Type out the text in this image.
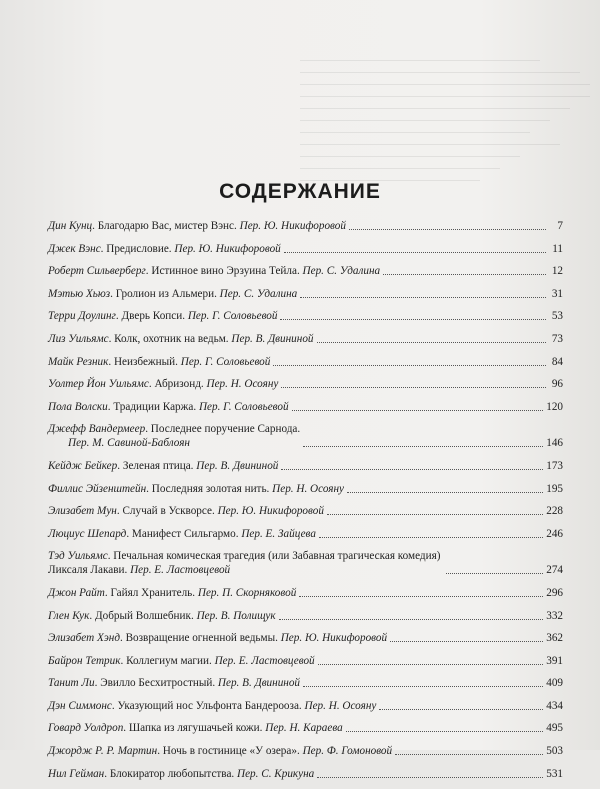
СОДЕРЖАНИЕ
Дин Кунц. Благодарю Вас, мистер Вэнс. Пер. Ю. Никифоровой	7
Джек Вэнс. Предисловие. Пер. Ю. Никифоровой	11
Роберт Сильверберг. Истинное вино Эрзуина Тейла. Пер. С. Удалина	12
Мэтью Хьюз. Гролион из Альмери. Пер. С. Удалина	31
Терри Доулинг. Дверь Копси. Пер. Г. Соловьевой	53
Лиз Уильямс. Колк, охотник на ведьм. Пер. В. Двининой	73
Майк Резник. Неизбежный. Пер. Г. Соловьевой	84
Уолтер Йон Уильямс. Абризонд. Пер. Н. Осояну	96
Пола Волски. Традиции Каржа. Пер. Г. Соловьевой	120
Джефф Вандермеер. Последнее поручение Сарнода.
Пер. М. Савиной-Баблоян	146
Кейдж Бейкер. Зеленая птица. Пер. В. Двининой	173
Филлис Эйзенштейн. Последняя золотая нить. Пер. Н. Осояну	195
Элизабет Мун. Случай в Ускворсе. Пер. Ю. Никифоровой	228
Люциус Шепард. Манифест Сильгармо. Пер. Е. Зайцева	246
Тэд Уильямс. Печальная комическая трагедия (или Забавная трагическая комедия) Ликсаля Лакави. Пер. Е. Ластовцевой	274
Джон Райт. Гайял Хранитель. Пер. П. Скорняковой	296
Глен Кук. Добрый Волшебник. Пер. В. Полищук	332
Элизабет Хэнд. Возвращение огненной ведьмы. Пер. Ю. Никифоровой	362
Байрон Тетрик. Коллегиум магии. Пер. Е. Ластовцевой	391
Танит Ли. Эвилло Бесхитростный. Пер. В. Двининой	409
Дэн Симмонс. Указующий нос Ульфонта Бандерооза. Пер. Н. Осояну	434
Говард Уолдроп. Шапка из лягушачьей кожи. Пер. Н. Караева	495
Джордж Р. Р. Мартин. Ночь в гостинице «У озера». Пер. Ф. Гомоновой	503
Нил Гейман. Блокиратор любопытства. Пер. С. Крикуна	531
